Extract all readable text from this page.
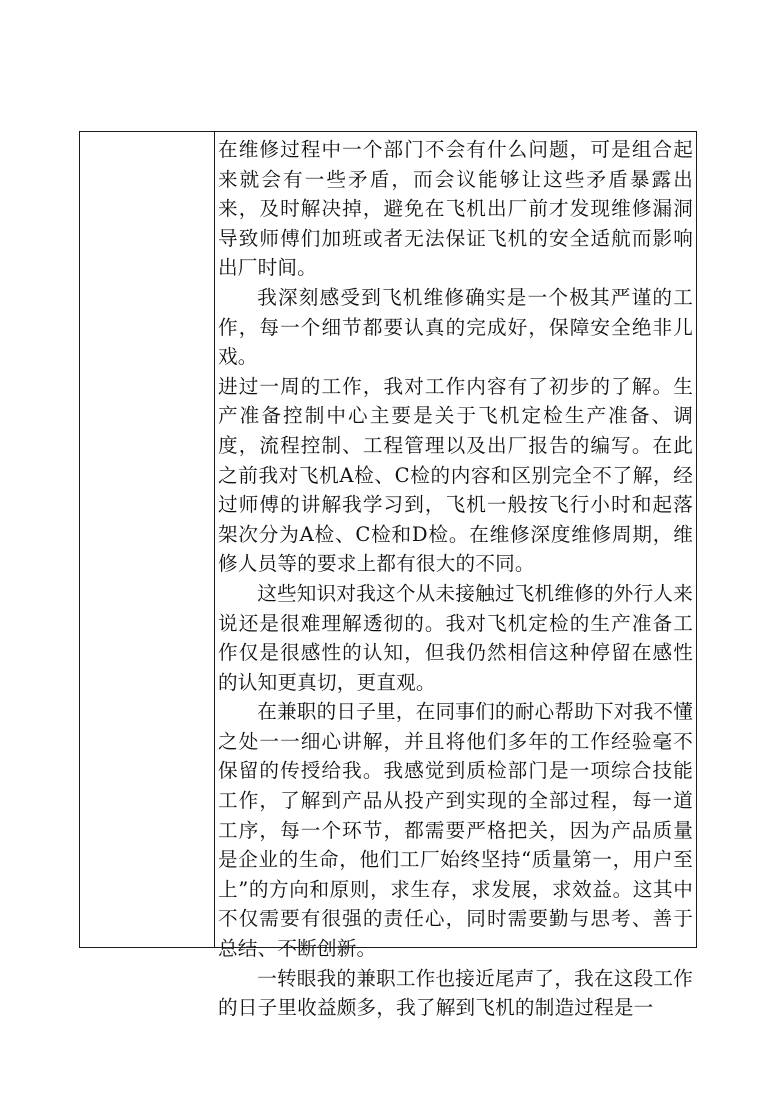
在维修过程中一个部门不会有什么问题，可是组合起来就会有一些矛盾，而会议能够让这些矛盾暴露出来，及时解决掉，避免在飞机出厂前才发现维修漏洞导致师傅们加班或者无法保证飞机的安全适航而影响出厂时间。

我深刻感受到飞机维修确实是一个极其严谨的工作，每一个细节都要认真的完成好，保障安全绝非儿戏。

进过一周的工作，我对工作内容有了初步的了解。生产准备控制中心主要是关于飞机定检生产准备、调度，流程控制、工程管理以及出厂报告的编写。在此之前我对飞机A检、C检的内容和区别完全不了解，经过师傅的讲解我学习到，飞机一般按飞行小时和起落架次分为A检、C检和D检。在维修深度维修周期，维修人员等的要求上都有很大的不同。

这些知识对我这个从未接触过飞机维修的外行人来说还是很难理解透彻的。我对飞机定检的生产准备工作仅是很感性的认知，但我仍然相信这种停留在感性的认知更真切，更直观。

在兼职的日子里，在同事们的耐心帮助下对我不懂之处一一细心讲解，并且将他们多年的工作经验毫不保留的传授给我。我感觉到质检部门是一项综合技能工作，了解到产品从投产到实现的全部过程，每一道工序，每一个环节，都需要严格把关，因为产品质量是企业的生命，他们工厂始终坚持“质量第一，用户至上”的方向和原则，求生存，求发展，求效益。这其中不仅需要有很强的责任心，同时需要勤与思考、善于总结、不断创新。

一转眼我的兼职工作也接近尾声了，我在这段工作的日子里收益颇多，我了解到飞机的制造过程是一
